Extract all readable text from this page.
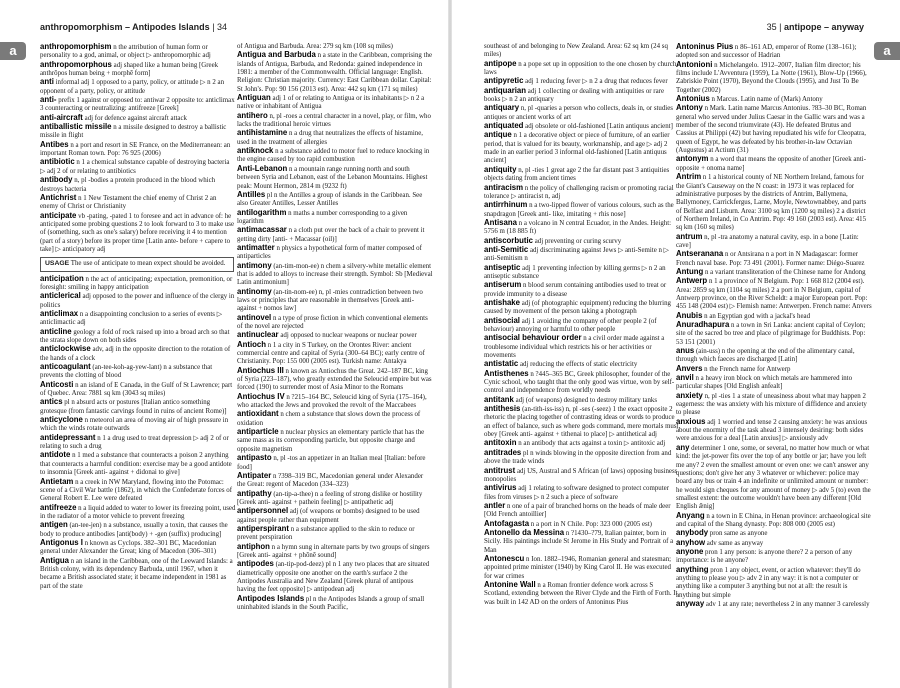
anthropomorphism – Antipodes Islands | 34	35 | antipope – anyway
a	a

anthropomorphism n the attribution of human form or personality to a god, animal, or object ▷ anthropomorphic adj

anthropomorphous adj shaped like a human being [Greek anthrōpos human being + morphē form]

anti informal adj 1 opposed to a party, policy, or attitude ▷ n 2 an opponent of a party, policy, or attitude

anti- prefix 1 against or opposed to: antiwar 2 opposite to: anticlimax 3 counteracting or neutralizing: antifreeze [Greek]

anti-aircraft adj for defence against aircraft attack

antiballistic missile n a missile designed to destroy a ballistic missile in flight

Antibes n a port and resort in SE France, on the Mediterranean: an important Roman town. Pop: 76 925 (2006)

antibiotic n 1 a chemical substance capable of destroying bacteria ▷ adj 2 of or relating to antibiotics

antibody n, pl -bodies a protein produced in the blood which destroys bacteria

Antichrist n 1 New Testament the chief enemy of Christ 2 an enemy of Christ or Christianity

anticipate vb -pating, -pated 1 to foresee and act in advance of: he anticipated some probing questions 2 to look forward to 3 to make use of (something, such as one's salary) before receiving it 4 to mention (part of a story) before its proper time [Latin ante- before + capere to take] ▷ anticipatory adj

USAGE The use of anticipate to mean expect should be avoided.

anticipation n the act of anticipating; expectation, premonition, or foresight: smiling in happy anticipation

anticlerical adj opposed to the power and influence of the clergy in politics

anticlimax n a disappointing conclusion to a series of events ▷ anticlimactic adj

anticline geology a fold of rock raised up into a broad arch so that the strata slope down on both sides

anticlockwise adv, adj in the opposite direction to the rotation of the hands of a clock

anticoagulant (an-tee-koh-ag-yew-lant) n a substance that prevents the clotting of blood

Anticosti n an island of E Canada, in the Gulf of St Lawrence; part of Quebec. Area: 7881 sq km (3043 sq miles)

antics pl n absurd acts or postures [Italian antico something grotesque (from fantastic carvings found in ruins of ancient Rome)]

anticyclone n meteorol an area of moving air of high pressure in which the winds rotate outwards

antidepressant n 1 a drug used to treat depression ▷ adj 2 of or relating to such a drug

antidote n 1 med a substance that counteracts a poison 2 anything that counteracts a harmful condition: exercise may be a good antidote to insomnia [Greek anti- against + didonai to give]

Antietam n a creek in NW Maryland, flowing into the Potomac: scene of a Civil War battle (1862), in which the Confederate forces of General Robert E. Lee were defeated

antifreeze n a liquid added to water to lower its freezing point, used in the radiator of a motor vehicle to prevent freezing

antigen (an-tee-jen) n a substance, usually a toxin, that causes the body to produce antibodies [anti(body) + -gen (suffix) producing]

Antigonus I n known as Cyclops. 382–301 BC, Macedonian general under Alexander the Great; king of Macedon (306–301)

Antigua n an island in the Caribbean, one of the Leeward Islands: a British colony, with its dependency Barbuda, until 1967, when it became a British associated state; it became independent in 1981 as part of the state

of Antigua and Barbuda. Area: 279 sq km (108 sq miles)

Antigua and Barbuda n a state in the Caribbean, comprising the islands of Antigua, Barbuda, and Redonda: gained independence in 1981: a member of the Commonwealth. Official language: English. Religion: Christian majority. Currency: East Caribbean dollar. Capital: St John's. Pop: 90 156 (2013 est). Area: 442 sq km (171 sq miles)

Antiguan adj 1 of or relating to Antigua or its inhabitants ▷ n 2 a native or inhabitant of Antigua

antihero n, pl -roes a central character in a novel, play, or film, who lacks the traditional heroic virtues

antihistamine n a drug that neutralizes the effects of histamine, used in the treatment of allergies

antiknock n a substance added to motor fuel to reduce knocking in the engine caused by too rapid combustion

Anti-Lebanon n a mountain range running north and south between Syria and Lebanon, east of the Lebanon Mountains. Highest peak: Mount Hermon, 2814 m (9232 ft)

Antilles pl n the Antilles a group of islands in the Caribbean. See also Greater Antilles, Lesser Antilles

antilogarithm n maths a number corresponding to a given logarithm

antimacassar n a cloth put over the back of a chair to prevent it getting dirty [anti- + Macassar (oil)]

antimatter n physics a hypothetical form of matter composed of antiparticles

antimony (an-tim-mon-ee) n chem a silvery-white metallic element that is added to alloys to increase their strength. Symbol: Sb [Medieval Latin antimonium]

antinomy (an-tin-nom-ee) n, pl -mies contradiction between two laws or principles that are reasonable in themselves [Greek anti- against + nomos law]

antinovel n a type of prose fiction in which conventional elements of the novel are rejected

antinuclear adj opposed to nuclear weapons or nuclear power

Antioch n 1 a city in S Turkey, on the Orontes River: ancient commercial centre and capital of Syria (300–64 BC); early centre of Christianity. Pop: 155 000 (2005 est). Turkish name: Antakya

Antiochus III n known as Antiochus the Great. 242–187 BC, king of Syria (223–187), who greatly extended the Seleucid empire but was forced (190) to surrender most of Asia Minor to the Romans

Antiochus IV n ?215–164 BC, Seleucid king of Syria (175–164), who attacked the Jews and provoked the revolt of the Maccabees

antioxidant n chem a substance that slows down the process of oxidation

antiparticle n nuclear physics an elementary particle that has the same mass as its corresponding particle, but opposite charge and opposite magnetism

antipasto n, pl -tos an appetizer in an Italian meal [Italian: before food]

Antipater n ?398–319 BC, Macedonian general under Alexander the Great: regent of Macedon (334–323)

antipathy (an-tip-a-thee) n a feeling of strong dislike or hostility [Greek anti- against + pathein feeling] ▷ antipathetic adj

antipersonnel adj (of weapons or bombs) designed to be used against people rather than equipment

antiperspirant n a substance applied to the skin to reduce or prevent perspiration

antiphon n a hymn sung in alternate parts by two groups of singers [Greek anti- against + phōnē sound]

antipodes (an-tip-pod-deez) pl n 1 any two places that are situated diametrically opposite one another on the earth's surface 2 the Antipodes Australia and New Zealand [Greek plural of antipous having the feet opposite] ▷ antipodean adj

Antipodes Islands pl n the Antipodes Islands a group of small uninhabited islands in the South Pacific,

southeast of and belonging to New Zealand. Area: 62 sq km (24 sq miles)

antipope n a pope set up in opposition to the one chosen by church laws

antipyretic adj 1 reducing fever ▷ n 2 a drug that reduces fever

antiquarian adj 1 collecting or dealing with antiquities or rare books ▷ n 2 an antiquary

antiquary n, pl -quaries a person who collects, deals in, or studies antiques or ancient works of art

antiquated adj obsolete or old-fashioned [Latin antiquus ancient]

antique n 1 a decorative object or piece of furniture, of an earlier period, that is valued for its beauty, workmanship, and age ▷ adj 2 made in an earlier period 3 informal old-fashioned [Latin antiquus ancient]

antiquity n, pl -ties 1 great age 2 the far distant past 3 antiquities objects dating from ancient times

antiracism n the policy of challenging racism or promoting racial tolerance ▷ antiracist n, adj

antirrhinum n a two-lipped flower of various colours, such as the snapdragon [Greek anti- like, imitating + rhis nose]

Antisana n a volcano in N central Ecuador, in the Andes. Height: 5756 m (18 885 ft)

antiscorbutic adj preventing or curing scurvy

anti-Semitic adj discriminating against Jews ▷ anti-Semite n ▷ anti-Semitism n

antiseptic adj 1 preventing infection by killing germs ▷ n 2 an antiseptic substance

antiserum n blood serum containing antibodies used to treat or provide immunity to a disease

antishake adj (of photographic equipment) reducing the blurring caused by movement of the person taking a photograph

antisocial adj 1 avoiding the company of other people 2 (of behaviour) annoying or harmful to other people

antisocial behaviour order n a civil order made against a troublesome individual which restricts his or her activities or movements

antistatic adj reducing the effects of static electricity

Antisthenes n ?445–365 BC, Greek philosopher, founder of the Cynic school, who taught that the only good was virtue, won by self-control and independence from worldly needs

antitank adj (of weapons) designed to destroy military tanks

antithesis (an-tith-iss-iss) n, pl -ses (-seez) 1 the exact opposite 2 rhetoric the placing together of contrasting ideas or words to produce an effect of balance, such as where gods command, mere mortals must obey [Greek anti- against + tithenai to place] ▷ antithetical adj

antitoxin n an antibody that acts against a toxin ▷ antitoxic adj

antitrades pl n winds blowing in the opposite direction from and above the trade winds

antitrust adj US, Austral and S African (of laws) opposing business monopolies

antivirus adj 1 relating to software designed to protect computer files from viruses ▷ n 2 such a piece of software

antler n one of a pair of branched horns on the heads of male deer [Old French antoillier]

Antofagasta n a port in N Chile. Pop: 323 000 (2005 est)

Antonello da Messina n ?1430–?79, Italian painter, born in Sicily. His paintings include St Jerome in His Study and Portrait of a Man

Antonescu n Ion. 1882–1946, Romanian general and statesman; appointed prime minister (1940) by King Carol II. He was executed for war crimes

Antonine Wall n a Roman frontier defence work across S Scotland, extending between the River Clyde and the Firth of Forth. It was built in 142 AD on the orders of Antoninus Pius

Antoninus Pius n 86–161 AD, emperor of Rome (138–161); adopted son and successor of Hadrian

Antonioni n Michelangelo. 1912–2007, Italian film director; his films include L'Avventura (1959), La Notte (1961), Blow-Up (1966), Zabriskie Point (1970), Beyond the Clouds (1995), and Just To Be Together (2002)

Antonius n Marcus. Latin name of (Mark) Antony

Antony n Mark. Latin name Marcus Antonius. ?83–30 BC, Roman general who served under Julius Caesar in the Gallic wars and was a member of the second triumvirate (43). He defeated Brutus and Cassius at Philippi (42) but having repudiated his wife for Cleopatra, queen of Egypt, he was defeated by his brother-in-law Octavian (Augustus) at Actium (31)

antonym n a word that means the opposite of another [Greek anti- opposite + onoma name]

Antrim n 1 a historical county of NE Northern Ireland, famous for the Giant's Causeway on the N coast: in 1973 it was replaced for administrative purposes by the districts of Antrim, Ballymena, Ballymoney, Carrickfergus, Larne, Moyle, Newtownabbey, and parts of Belfast and Lisburn. Area: 3100 sq km (1200 sq miles) 2 a district of Northern Ireland, in Co Antrim. Pop: 49 160 (2003 est). Area: 415 sq km (160 sq miles)

antrum n, pl -tra anatomy a natural cavity, esp. in a bone [Latin: cave]

Antseranana n or Antsirana n a port in N Madagascar: former French naval base. Pop: 73 491 (2001). Former name: Diégo-Suarez

Antung n a variant transliteration of the Chinese name for Andong

Antwerp n 1 a province of N Belgium. Pop: 1 668 812 (2004 est). Area: 2859 sq km (1104 sq miles) 2 a port in N Belgium, capital of Antwerp province, on the River Scheldt: a major European port. Pop: 455 148 (2004 est) ▷ Flemish name: Antwerpen. French name: Anvers

Anubis n an Egyptian god with a jackal's head

Anuradhapura n a town in Sri Lanka: ancient capital of Ceylon; site of the sacred bo tree and place of pilgrimage for Buddhists. Pop: 53 151 (2001)

anus (ain-uss) n the opening at the end of the alimentary canal, through which faeces are discharged [Latin]

Anvers n the French name for Antwerp

anvil n a heavy iron block on which metals are hammered into particular shapes [Old English anfealt]

anxiety n, pl -ties 1 a state of uneasiness about what may happen 2 eagerness: the was anxiety with his mixture of diffidence and anxiety to please

anxious adj 1 worried and tense 2 causing anxiety: he was anxious about the enormity of the task ahead 3 intensely desiring: both sides were anxious for a deal [Latin anxius] ▷ anxiously adv

any determiner 1 one, some, or several, no matter how much or what kind: the jet-power fits over the top of any bottle or jar; have you left me any? 2 even the smallest amount or even one: we can't answer any questions; don't give her any 3 whatever or whichever: police may board any bus or train 4 an indefinite or unlimited amount or number: he would sign cheques for any amount of money ▷ adv 5 (to) even the smallest extent: the outcome wouldn't have been any different [Old English ǣnig]

Anyang n a town in E China, in Henan province: archaeological site and capital of the Shang dynasty. Pop: 808 000 (2005 est)

anybody pron same as anyone

anyhow adv same as anyway

anyone pron 1 any person: is anyone there? 2 a person of any importance: is he anyone?

anything pron 1 any object, event, or action whatever: they'll do anything to please you ▷ adv 2 in any way: it is not a computer or anything like a computer 3 anything but not at all: the result is anything but simple

anyway adv 1 at any rate; nevertheless 2 in any manner 3 carelessly
